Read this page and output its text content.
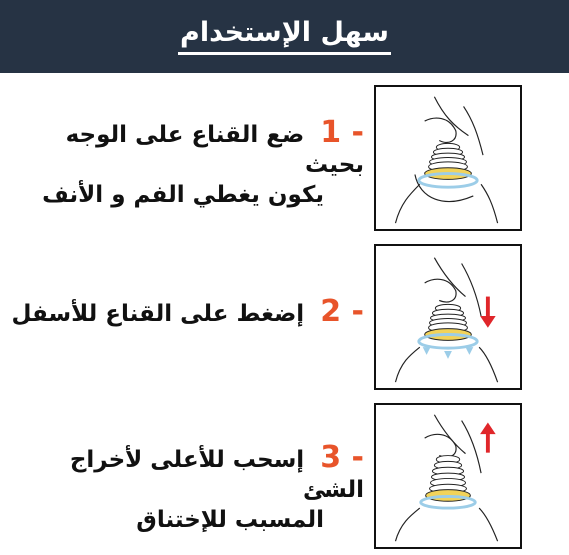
سهل الإستخدام
1 - ضع القناع على الوجه بحيث
يكون يغطي الفم و الأنف
2 - إضغط على القناع للأسفل
3 - إسحب للأعلى لأخراج الشئ
المسبب للإختناق
